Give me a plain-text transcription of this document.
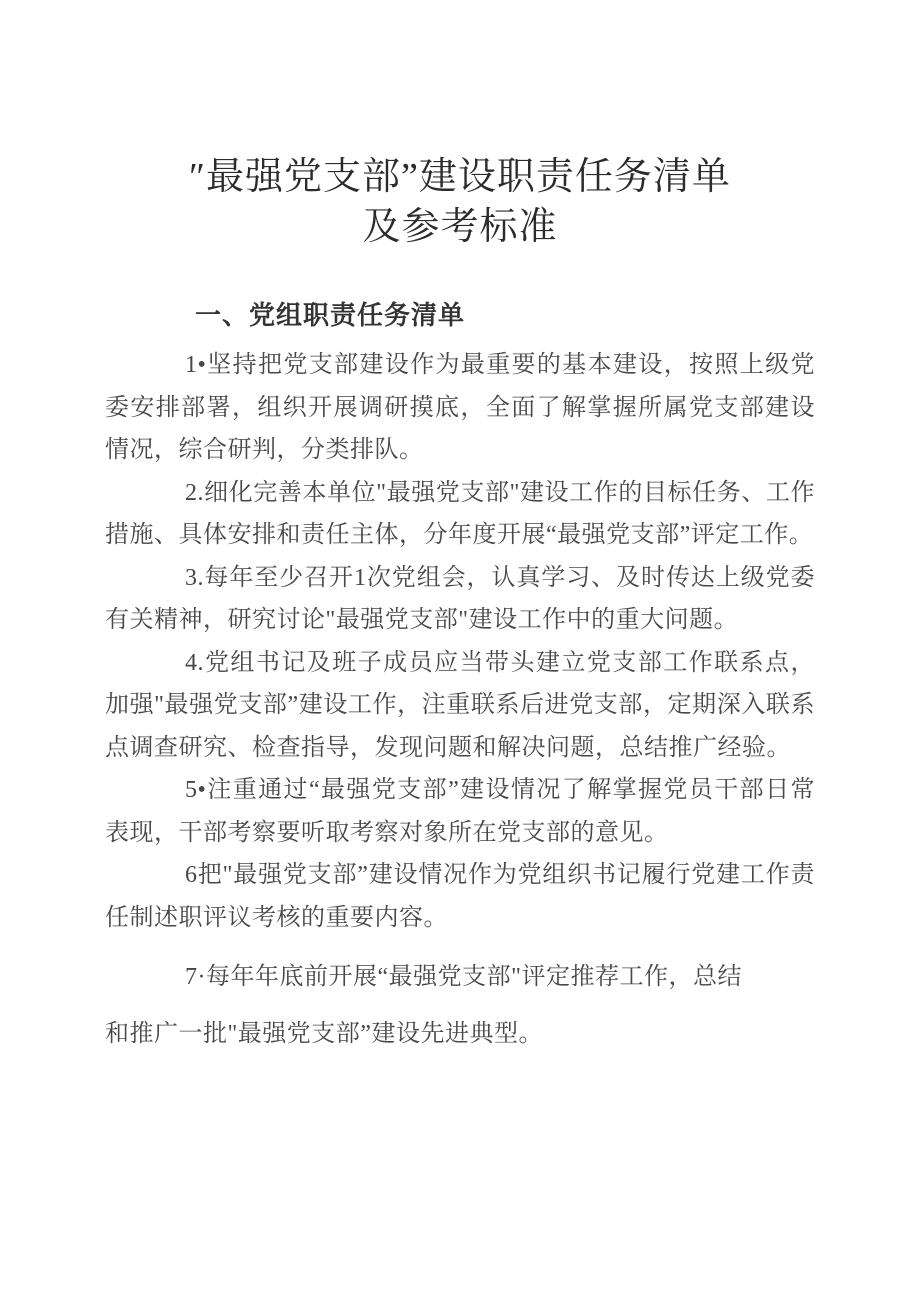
″最强党支部”建设职责任务清单
及参考标准
一、党组职责任务清单

1•坚持把党支部建设作为最重要的基本建设，按照上级党委安排部署，组织开展调研摸底，全面了解掌握所属党支部建设情况，综合研判，分类排队。

2.细化完善本单位"最强党支部"建设工作的目标任务、工作措施、具体安排和责任主体，分年度开展“最强党支部”评定工作。

3.每年至少召开1次党组会，认真学习、及时传达上级党委有关精神，研究讨论"最强党支部"建设工作中的重大问题。

4.党组书记及班子成员应当带头建立党支部工作联系点，加强"最强党支部”建设工作，注重联系后进党支部，定期深入联系点调查研究、检查指导，发现问题和解决问题，总结推广经验。

5•注重通过“最强党支部”建设情况了解掌握党员干部日常表现，干部考察要听取考察对象所在党支部的意见。

6把"最强党支部”建设情况作为党组织书记履行党建工作责任制述职评议考核的重要内容。

7·每年年底前开展“最强党支部"评定推荐工作，总结

和推广一批"最强党支部”建设先进典型。
